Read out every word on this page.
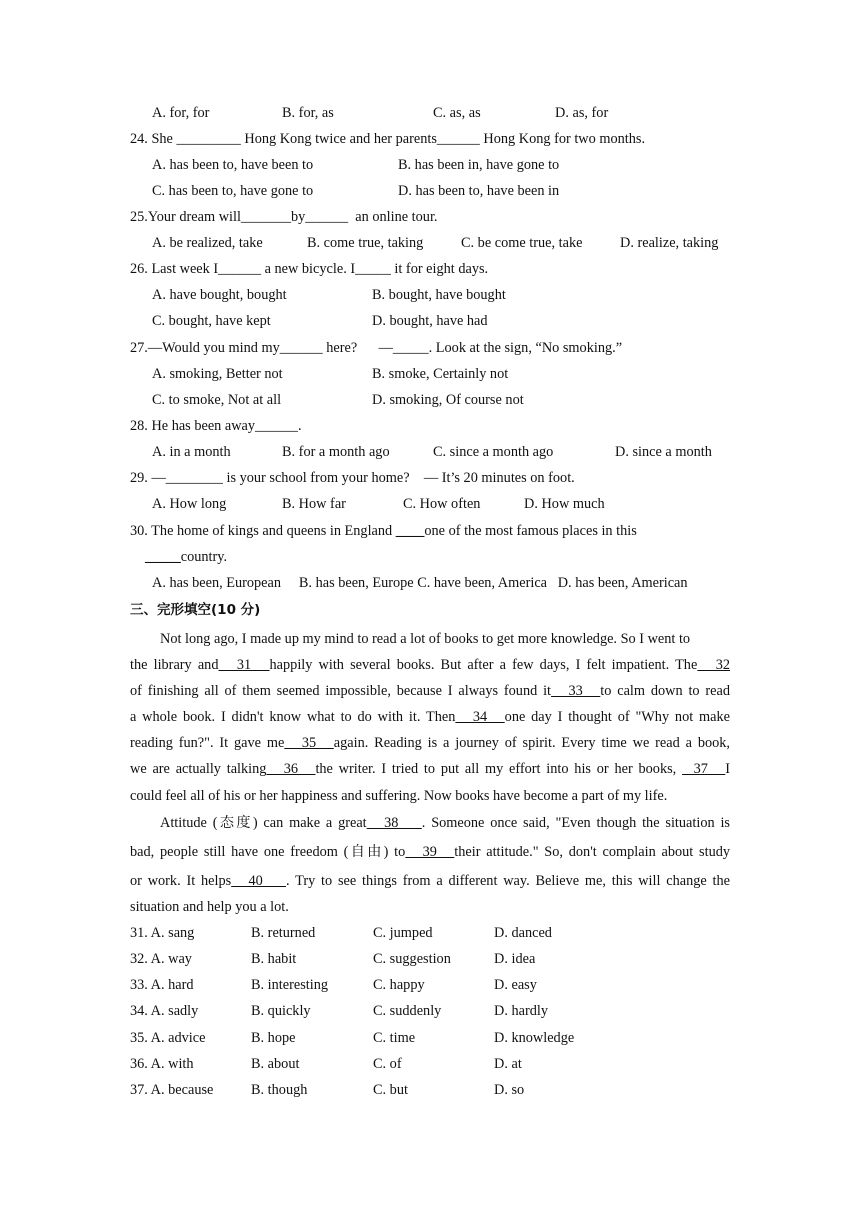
A. for, for	B. for, as	C. as, as	D. as, for
24. She _________ Hong Kong twice and her parents______ Hong Kong for two months.
A. has been to, have been to	B. has been in, have gone to
C. has been to, have gone to	D. has been to, have been in
25.Your dream will_______by______  an online tour.
A. be realized, take	B. come true, taking	C. be come true, take	D. realize, taking
26. Last week I______ a new bicycle. I_____ it for eight days.
A. have bought, bought	B. bought, have bought
C. bought, have kept	D. bought, have had
27.—Would you mind my______ here?      —_____. Look at the sign, “No smoking.”
A. smoking, Better not	B. smoke, Certainly not
C. to smoke, Not at all	D. smoking, Of course not
28. He has been away______.
A. in a month	B. for a month ago	C. since a month ago	D. since a month
29. —________ is your school from your home?    — It’s 20 minutes on foot.
A. How long	B. How far	C. How often	D. How much
30. The home of kings and queens in England ____one of the most famous places in this
_____country.
A. has been, European     B. has been, Europe C. have been, America   D. has been, American
三、完形填空(10 分)
Not long ago, I made up my mind to read a lot of books to get more knowledge. So I went to
the library and   31   happily with several books. But after a few days, I felt impatient. The   32
of finishing all of them seemed impossible, because I always found it   33   to calm down to read
a whole book. I didn't know what to do with it. Then   34   one day I thought of "Why not make
reading fun?". It gave me   35   again. Reading is a journey of spirit. Every time we read a book,
we are actually talking   36   the writer. I tried to put all my effort into his or her books,   37   I
could feel all of his or her happiness and suffering. Now books have become a part of my life.
Attitude (态度) can make a great   38    . Someone once said, "Even though the situation is
bad, people still have one freedom (自由) to   39   their attitude." So, don't complain about study
or work. It helps   40    . Try to see things from a different way. Believe me, this will change the
situation and help you a lot.
31. A. sang	B. returned	C. jumped	D. danced
32. A. way	B. habit	C. suggestion	D. idea
33. A. hard	B. interesting	C. happy	D. easy
34. A. sadly	B. quickly	C. suddenly	D. hardly
35. A. advice	B. hope	C. time	D. knowledge
36. A. with	B. about	C. of	D. at
37. A. because	B. though	C. but	D. so
